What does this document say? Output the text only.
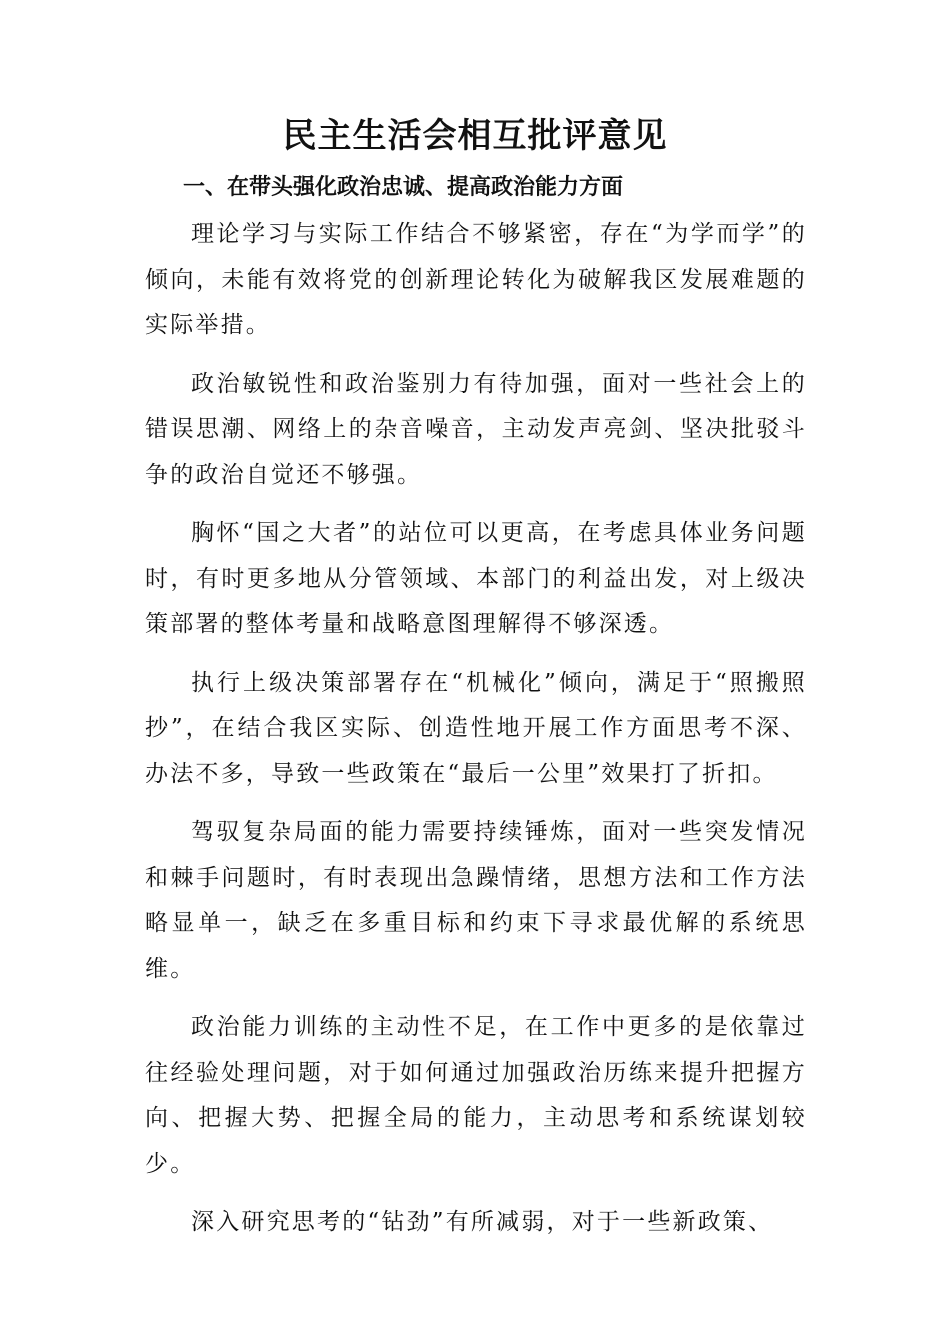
民主生活会相互批评意见
一、在带头强化政治忠诚、提高政治能力方面

理论学习与实际工作结合不够紧密，存在“为学而学”的倾向，未能有效将党的创新理论转化为破解我区发展难题的实际举措。

政治敏锐性和政治鉴别力有待加强，面对一些社会上的错误思潮、网络上的杂音噪音，主动发声亮剑、坚决批驳斗争的政治自觉还不够强。

胸怀“国之大者”的站位可以更高，在考虑具体业务问题时，有时更多地从分管领域、本部门的利益出发，对上级决策部署的整体考量和战略意图理解得不够深透。

执行上级决策部署存在“机械化”倾向，满足于“照搬照抄”，在结合我区实际、创造性地开展工作方面思考不深、办法不多，导致一些政策在“最后一公里”效果打了折扣。

驾驭复杂局面的能力需要持续锤炼，面对一些突发情况和棘手问题时，有时表现出急躁情绪，思想方法和工作方法略显单一，缺乏在多重目标和约束下寻求最优解的系统思维。

政治能力训练的主动性不足，在工作中更多的是依靠过往经验处理问题，对于如何通过加强政治历练来提升把握方向、把握大势、把握全局的能力，主动思考和系统谋划较少。

深入研究思考的“钻劲”有所减弱，对于一些新政策、
